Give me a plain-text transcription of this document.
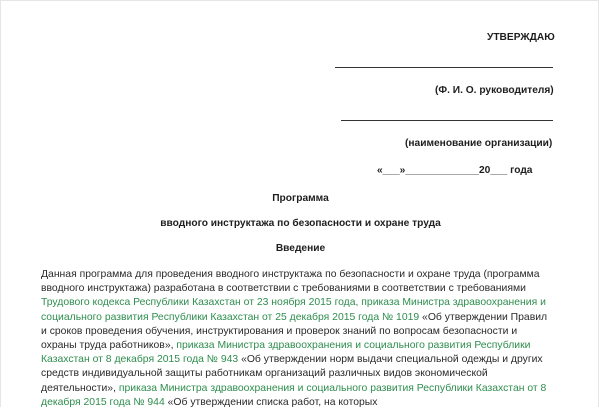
УТВЕРЖДАЮ
(Ф. И. О. руководителя)
(наименование организации)
«___»_____________20___ года
Программа
вводного инструктажа по безопасности и охране труда
Введение
Данная программа для проведения вводного инструктажа по безопасности и охране труда (программа вводного инструктажа) разработана в соответствии с требованиями в соответствии с требованиями Трудового кодекса Республики Казахстан от 23 ноября 2015 года, приказа Министра здравоохранения и социального развития Республики Казахстан от 25 декабря 2015 года № 1019 «Об утверждении Правил и сроков проведения обучения, инструктирования и проверок знаний по вопросам безопасности и охраны труда работников», приказа Министра здравоохранения и социального развития Республики Казахстан от 8 декабря 2015 года № 943 «Об утверждении норм выдачи специальной одежды и других средств индивидуальной защиты работникам организаций различных видов экономической деятельности», приказа Министра здравоохранения и социального развития Республики Казахстан от 8 декабря 2015 года № 944 «Об утверждении списка работ, на которых
